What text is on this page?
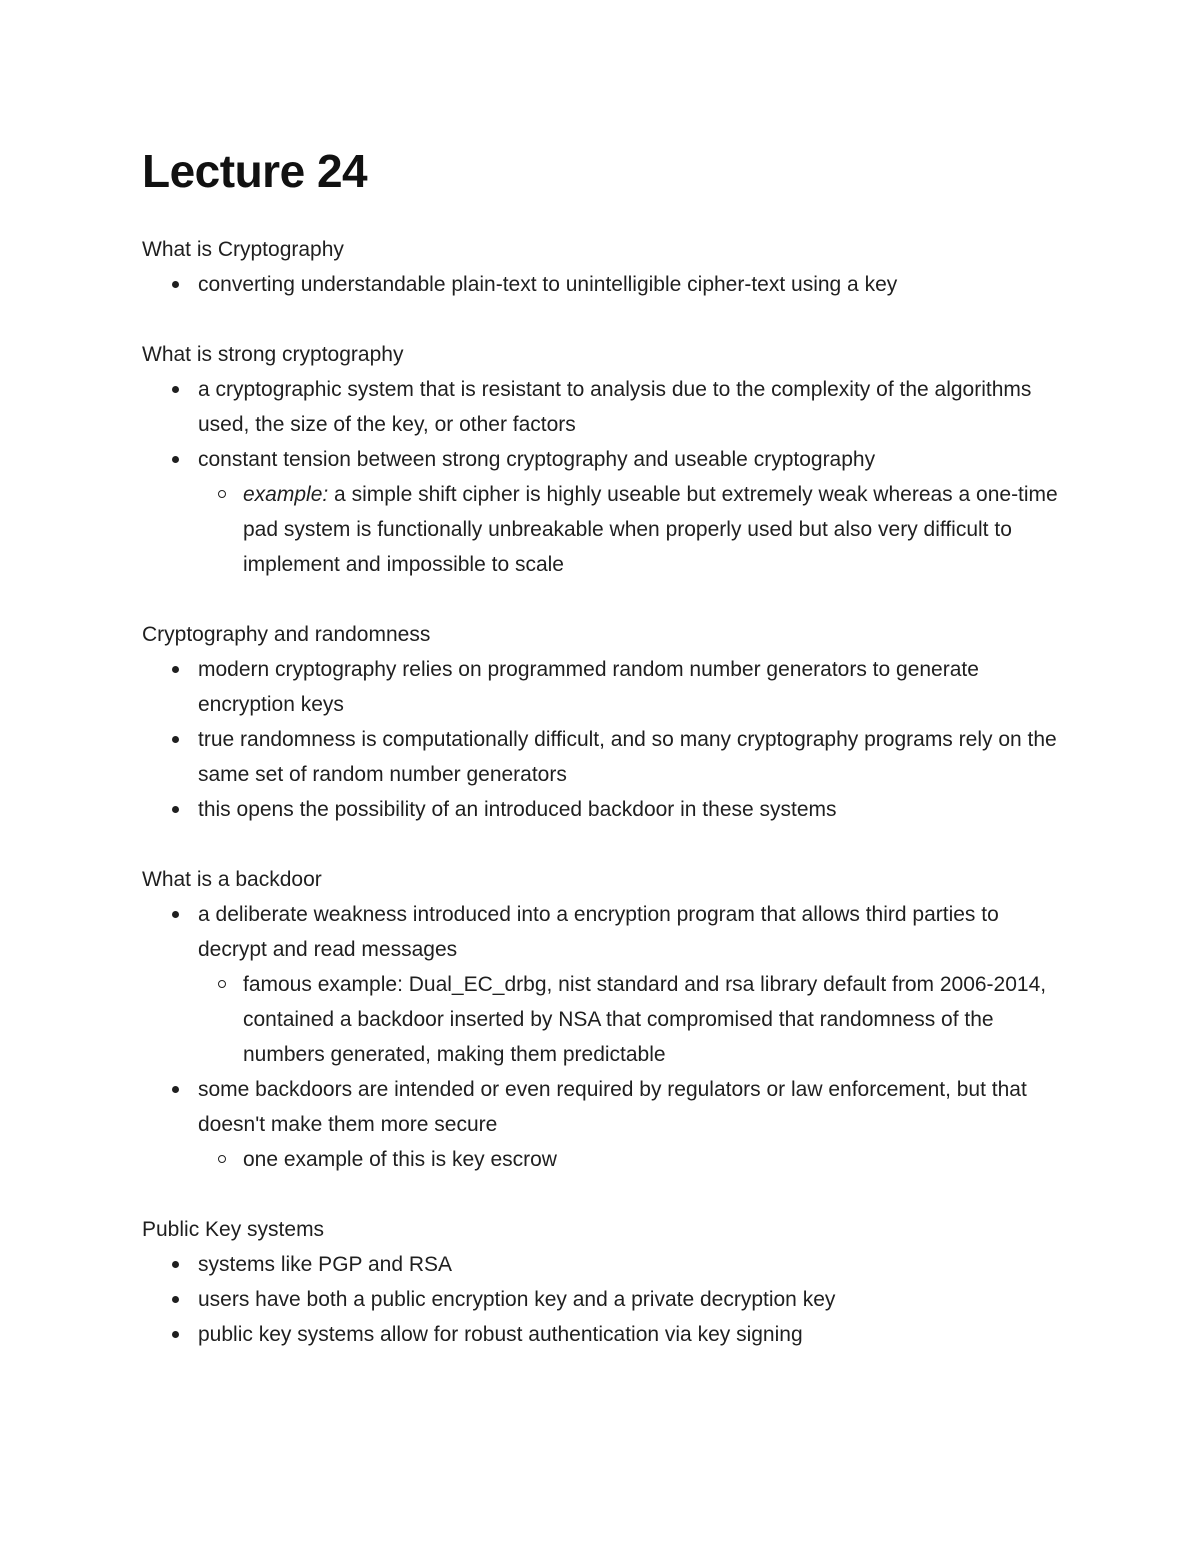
Lecture 24

What is Cryptography

converting understandable plain-text to unintelligible cipher-text using a key

What is strong cryptography

a cryptographic system that is resistant to analysis due to the complexity of the algorithms used, the size of the key, or other factors
constant tension between strong cryptography and useable cryptography
example: a simple shift cipher is highly useable but extremely weak whereas a one-time pad system is functionally unbreakable when properly used but also very difficult to implement and impossible to scale

Cryptography and randomness

modern cryptography relies on programmed random number generators to generate encryption keys
true randomness is computationally difficult, and so many cryptography programs rely on the same set of random number generators
this opens the possibility of an introduced backdoor in these systems

What is a backdoor

a deliberate weakness introduced into a encryption program that allows third parties to decrypt and read messages
famous example: Dual_EC_drbg, nist standard and rsa library default from 2006-2014, contained a backdoor inserted by NSA that compromised that randomness of the numbers generated, making them predictable
some backdoors are intended or even required by regulators or law enforcement, but that doesn't make them more secure
one example of this is key escrow

Public Key systems

systems like PGP and RSA
users have both a public encryption key and a private decryption key
public key systems allow for robust authentication via key signing
